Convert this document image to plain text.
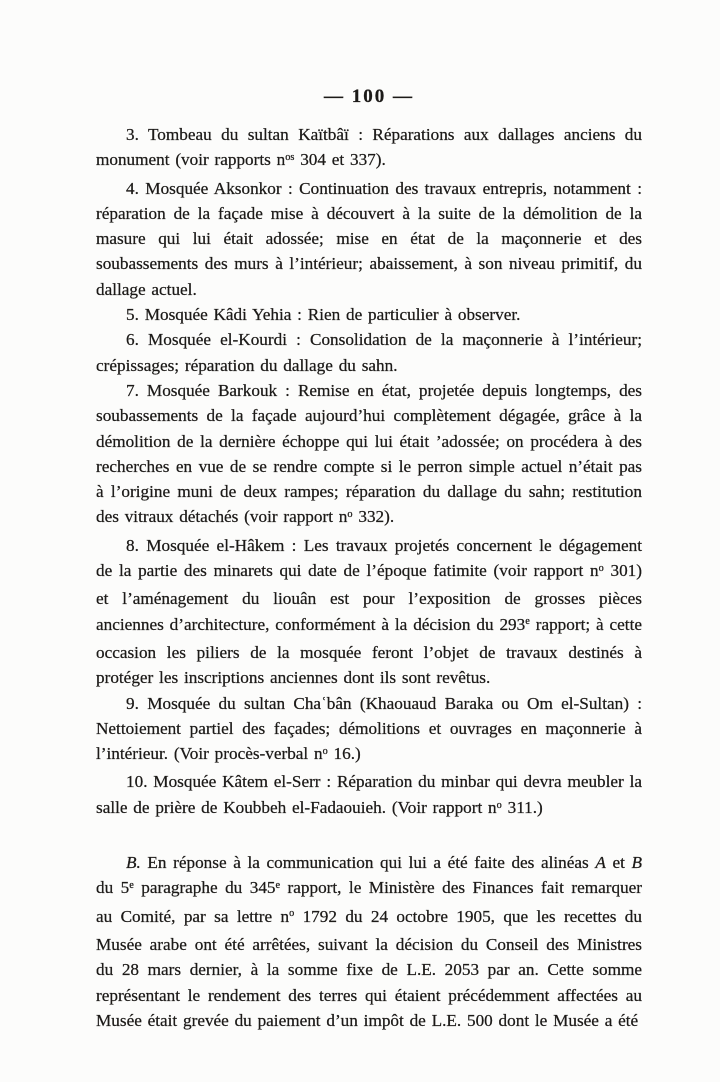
— 100 —

3. Tombeau du sultan Kaïtbâï : Réparations aux dallages anciens du monument (voir rapports $n^{os}$ 304 et 337).

4. Mosquée Aksonkor : Continuation des travaux entrepris, notamment : réparation de la façade mise à découvert à la suite de la démolition de la masure qui lui était adossée; mise en état de la maçonnerie et des soubassements des murs à l’intérieur; abaissement, à son niveau primitif, du dallage actuel.

5. Mosquée Kâdi Yehia : Rien de particulier à observer.

6. Mosquée el-Kourdi : Consolidation de la maçonnerie à l’intérieur; crépissages; réparation du dallage du sahn.

7. Mosquée Barkouk : Remise en état, projetée depuis longtemps, des soubassements de la façade aujourd’hui complètement dégagée, grâce à la démolition de la dernière échoppe qui lui était ’adossée; on procédera à des recherches en vue de se rendre compte si le perron simple actuel n’était pas à l’origine muni de deux rampes; réparation du dallage du sahn; restitution des vitraux détachés (voir rapport $n^o$ 332).

8. Mosquée el-Hâkem : Les travaux projetés concernent le dégagement de la partie des minarets qui date de l’époque fatimite (voir rapport $n^o$ 301) et l’aménagement du liouân est pour l’exposition de grosses pièces anciennes d’architecture, conformément à la décision du 293e rapport; à cette occasion les piliers de la mosquée feront l’objet de travaux destinés à protéger les inscriptions anciennes dont ils sont revêtus.

9. Mosquée du sultan Chaʿbân (Khaouaud Baraka ou Om el-Sultan) : Nettoiement partiel des façades; démolitions et ouvrages en maçonnerie à l’intérieur. (Voir procès-verbal $n^o$ 16.)

10. Mosquée Kâtem el-Serr : Réparation du minbar qui devra meubler la salle de prière de Koubbeh el-Fadaouieh. (Voir rapport $n^o$ 311.)

B. En réponse à la communication qui lui a été faite des alinéas A et B du 5e paragraphe du 345e rapport, le Ministère des Finances fait remarquer au Comité, par sa lettre $n^o$ 1792 du 24 octobre 1905, que les recettes du Musée arabe ont été arrêtées, suivant la décision du Conseil des Ministres du 28 mars dernier, à la somme fixe de L.E. 2053 par an. Cette somme représentant le rendement des terres qui étaient précédemment affectées au Musée était grevée du paiement d’un impôt de L.E. 500 dont le Musée a été
